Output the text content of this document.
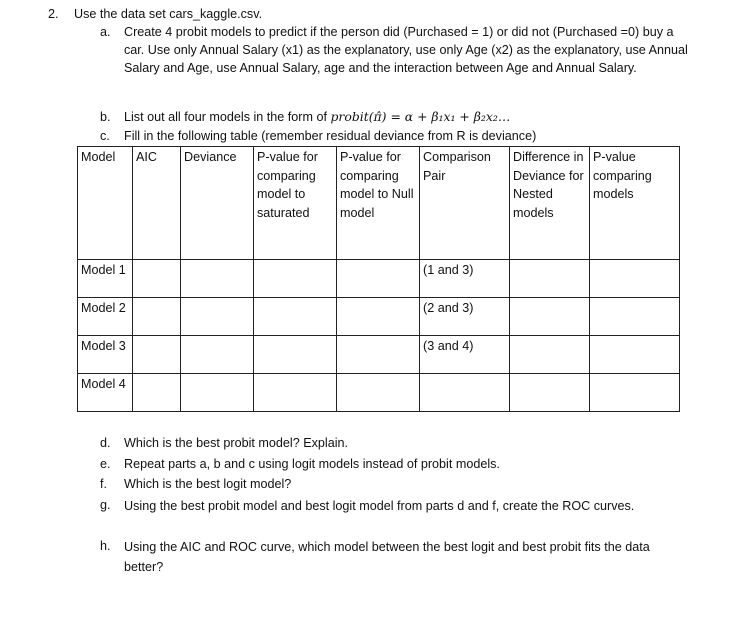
2. Use the data set cars_kaggle.csv.
a.	Create 4 probit models to predict if the person did (Purchased = 1) or did not (Purchased =0) buy a car. Use only Annual Salary (x1) as the explanatory, use only Age (x2) as the explanatory, use Annual Salary and Age, use Annual Salary, age and the interaction between Age and Annual Salary.
b.	List out all four models in the form of probit(π̂) = α + β₁x₁ + β₂x₂…
c.	Fill in the following table (remember residual deviance from R is deviance)
Model	AIC	Deviance	P-value for comparing model to saturated	P-value for comparing model to Null model	Comparison Pair	Difference in Deviance for Nested models	P-value comparing models
Model 1					(1 and 3)		
Model 2					(2 and 3)		
Model 3					(3 and 4)		
Model 4							
d.	Which is the best probit model? Explain.
e.	Repeat parts a, b and c using logit models instead of probit models.
f.	Which is the best logit model?
g.	Using the best probit model and best logit model from parts d and f, create the ROC curves.
h.	Using the AIC and ROC curve, which model between the best logit and best probit fits the data better?
